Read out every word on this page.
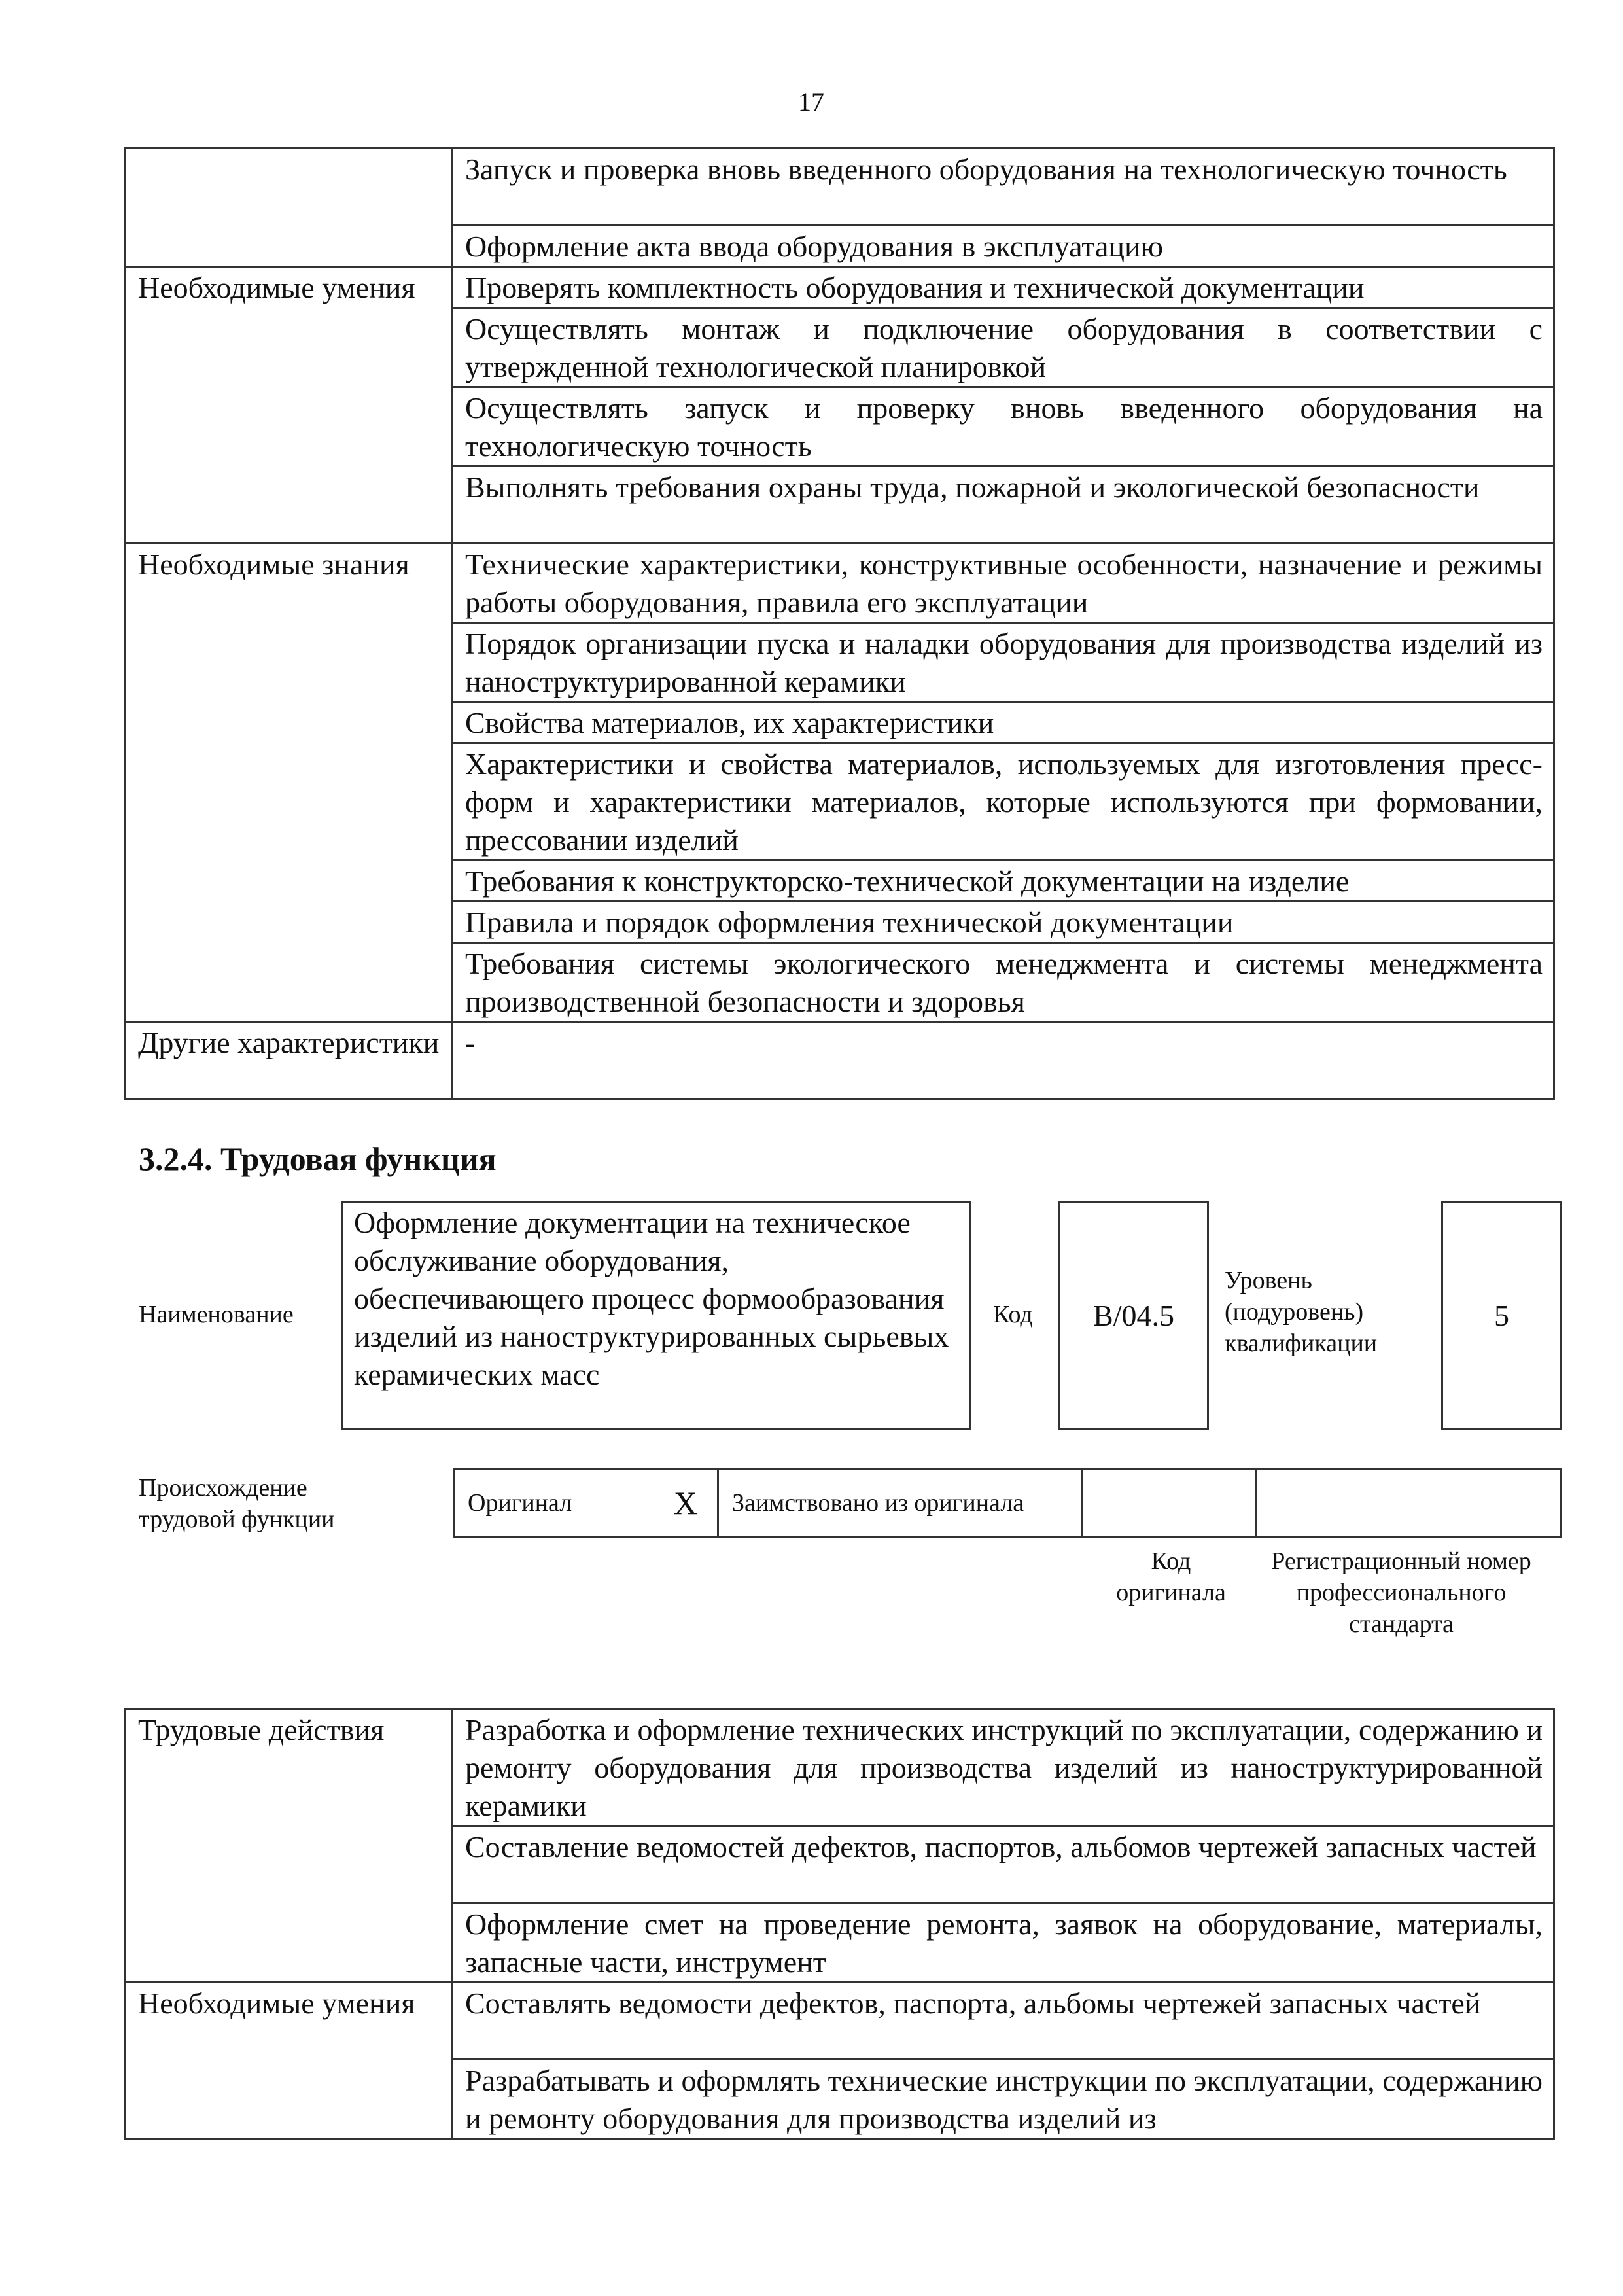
17
	Запуск и проверка вновь введенного оборудования на технологическую точность
	Оформление акта ввода оборудования в эксплуатацию
Необходимые умения	Проверять комплектность оборудования и технической документации
	Осуществлять монтаж и подключение оборудования в соответствии с утвержденной технологической планировкой
	Осуществлять запуск и проверку вновь введенного оборудования на технологическую точность
	Выполнять требования охраны труда, пожарной и экологической безопасности
Необходимые знания	Технические характеристики, конструктивные особенности, назначение и режимы работы оборудования, правила его эксплуатации
	Порядок организации пуска и наладки оборудования для производства изделий из наноструктурированной керамики
	Свойства материалов, их характеристики
	Характеристики и свойства материалов, используемых для изготовления пресс-форм и характеристики материалов, которые используются при формовании, прессовании изделий
	Требования к конструкторско-технической документации на изделие
	Правила и порядок оформления технической документации
	Требования системы экологического менеджмента и системы менеджмента производственной безопасности и здоровья
Другие характеристики	-
3.2.4. Трудовая функция
Наименование
Оформление документации на техническое обслуживание оборудования, обеспечивающего процесс формообразования изделий из наноструктурированных сырьевых керамических масс
Код B/04.5
Уровень (подуровень) квалификации
5
Происхождение трудовой функции
Оригинал	X Заимствовано из оригинала
Код оригинала
Регистрационный номер профессионального стандарта
Трудовые действия	Разработка и оформление технических инструкций по эксплуатации, содержанию и ремонту оборудования для производства изделий из наноструктурированной керамики
	Составление ведомостей дефектов, паспортов, альбомов чертежей запасных частей
	Оформление смет на проведение ремонта, заявок на оборудование, материалы, запасные части, инструмент
Необходимые умения	Составлять ведомости дефектов, паспорта, альбомы чертежей запасных частей
	Разрабатывать и оформлять технические инструкции по эксплуатации, содержанию и ремонту оборудования для производства изделий из
